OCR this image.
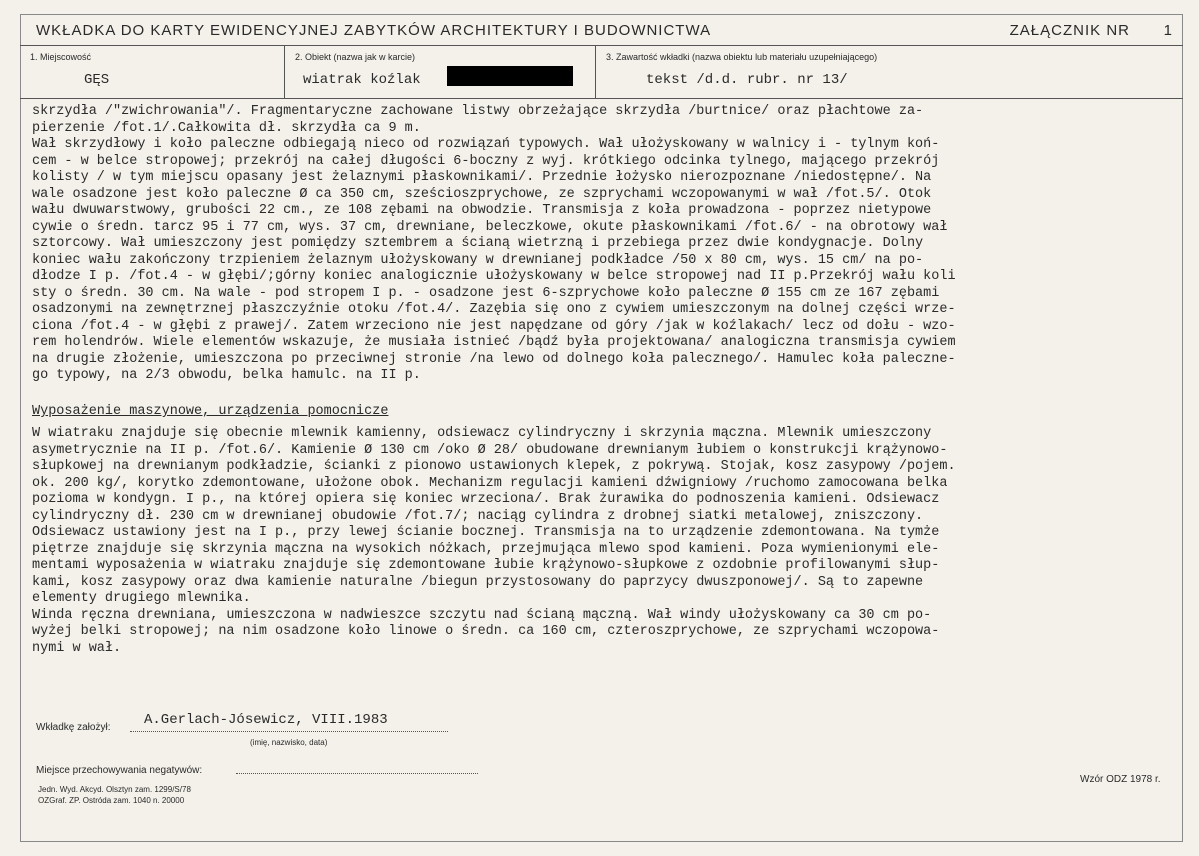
WKŁADKA DO KARTY EWIDENCYJNEJ ZABYTKÓW ARCHITEKTURY I BUDOWNICTWA	ZAŁĄCZNIK NR 1
1. Miejscowość
GĘS
2. Obiekt (nazwa jak w karcie)
wiatrak koźlak
3. Zawartość wkładki (nazwa obiektu lub materiału uzupełniającego)
tekst /d.d. rubr. nr 13/
skrzydła /"zwichrowania"/. Fragmentaryczne zachowane listwy obrzeżające skrzydła /burtnice/ oraz płachtowe za-
pierzenie /fot.1/.Całkowita dł. skrzydła ca 9 m.
Wał skrzydłowy i koło paleczne odbiegają nieco od rozwiązań typowych. Wał ułożyskowany w walnicy i - tylnym koń-
cem - w belce stropowej; przekrój na całej długości 6-boczny z wyj. krótkiego odcinka tylnego, mającego przekrój
kolisty / w tym miejscu opasany jest żelaznymi płaskownikami/. Przednie łożysko nierozpoznane /niedostępne/. Na
wale osadzone jest koło paleczne Ø ca 350 cm, sześcioszprychowe, ze szprychami wczopowanymi w wał /fot.5/. Otok
wału dwuwarstwowy, grubości 22 cm., ze 108 zębami na obwodzie. Transmisja z koła prowadzona - poprzez nietypowe
cywie o średn. tarcz 95 i 77 cm, wys. 37 cm, drewniane, beleczkowe, okute płaskownikami /fot.6/ - na obrotowy wał
sztorcowy. Wał umieszczony jest pomiędzy sztembrem a ścianą wietrzną i przebiega przez dwie kondygnacje. Dolny
koniec wału zakończony trzpieniem żelaznym ułożyskowany w drewnianej podkładce /50 x 80 cm, wys. 15 cm/ na po-
dłodze I p. /fot.4 - w głębi/;górny koniec analogicznie ułożyskowany w belce stropowej nad II p.Przekrój wału koli
sty o średn. 30 cm. Na wale - pod stropem I p. - osadzone jest 6-szprychowe koło paleczne Ø 155 cm ze 167 zębami
osadzonymi na zewnętrznej płaszczyźnie otoku /fot.4/. Zazębia się ono z cywiem umieszczonym na dolnej części wrze-
ciona /fot.4 - w głębi z prawej/. Zatem wrzeciono nie jest napędzane od góry /jak w koźlakach/ lecz od dołu - wzo-
rem holendrów. Wiele elementów wskazuje, że musiała istnieć /bądź była projektowana/ analogiczna transmisja cywiem
na drugie złożenie, umieszczona po przeciwnej stronie /na lewo od dolnego koła palecznego/. Hamulec koła paleczne-
go typowy, na 2/3 obwodu, belka hamulc. na II p.
Wyposażenie maszynowe, urządzenia pomocnicze
W wiatraku znajduje się obecnie mlewnik kamienny, odsiewacz cylindryczny i skrzynia mączna. Mlewnik umieszczony
asymetrycznie na II p. /fot.6/. Kamienie Ø 130 cm /oko Ø 28/ obudowane drewnianym łubiem o konstrukcji krążynowo-
słupkowej na drewnianym podkładzie, ścianki z pionowo ustawionych klepek, z pokrywą. Stojak, kosz zasypowy /pojem.
ok. 200 kg/, korytko zdemontowane, ułożone obok. Mechanizm regulacji kamieni dźwigniowy /ruchomo zamocowana belka
pozioma w kondygn. I p., na której opiera się koniec wrzeciona/. Brak żurawika do podnoszenia kamieni. Odsiewacz
cylindryczny dł. 230 cm w drewnianej obudowie /fot.7/; naciąg cylindra z drobnej siatki metalowej, zniszczony.
Odsiewacz ustawiony jest na I p., przy lewej ścianie bocznej. Transmisja na to urządzenie zdemontowana. Na tymże
piętrze znajduje się skrzynia mączna na wysokich nóżkach, przejmująca mlewo spod kamieni. Poza wymienionymi ele-
mentami wyposażenia w wiatraku znajduje się zdemontowane łubie krążynowo-słupkowe z ozdobnie profilowanymi słup-
kami, kosz zasypowy oraz dwa kamienie naturalne /biegun przystosowany do paprzycy dwuszponowej/. Są to zapewne
elementy drugiego mlewnika.
Winda ręczna drewniana, umieszczona w nadwieszce szczytu nad ścianą mączną. Wał windy ułożyskowany ca 30 cm po-
wyżej belki stropowej; na nim osadzone koło linowe o średn. ca 160 cm, czteroszprychowe, ze szprychami wczopowa-
nymi w wał.
Wkładkę założył: A.Gerlach-Jósewicz, VIII.1983
(imię, nazwisko, data)
Miejsce przechowywania negatywów:
Wzór ODZ 1978 r.
Jedn. Wyd. Akcyd. Olsztyn zam. 1299/S/78
OZGraf. ZP. Ostróda zam. 1040 n. 20000
